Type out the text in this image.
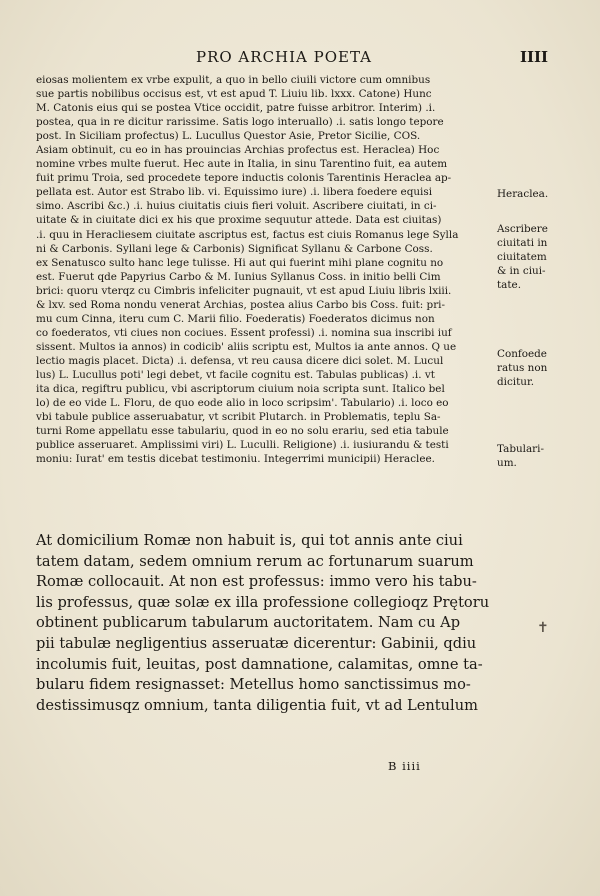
PRO ARCHIA POETA	IIII
eiosas molientem ex vrbe expulit, a quo in bello ciuili victore cum omnibus
sue partis nobilibus occisus est, vt est apud T. Liuiu lib. lxxx. Catone) Hunc
M. Catonis eius qui se postea Vtice occidit, patre fuisse arbitror. Interim) .i.
postea, qua in re dicitur rarissime. Satis logo interuallo) .i. satis longo tepore
post. In Siciliam profectus) L. Lucullus Questor Asie, Pretor Sicilie, COS.
Asiam obtinuit, cu eo in has prouincias Archias profectus est. Heraclea) Hoc
nomine vrbes multe fuerut. Hec aute in Italia, in sinu Tarentino fuit, ea autem
fuit primu Troia, sed procedete tepore inductis colonis Tarentinis Heraclea ap-
pellata est. Autor est Strabo lib. vi. Equissimo iure) .i. libera foedere equisi
simo. Ascribi &c.) .i. huius ciuitatis ciuis fieri voluit. Ascribere ciuitati, in ci-
uitate & in ciuitate dici ex his que proxime sequutur attede. Data est ciuitas)
.i. quu in Heracliesem ciuitate ascriptus est, factus est ciuis Romanus lege Sylla
ni & Carbonis. Syllani lege & Carbonis) Significat Syllanu & Carbone Coss.
ex Senatusco sulto hanc lege tulisse. Hi aut qui fuerint mihi plane cognitu no
est. Fuerut qde Papyrius Carbo & M. Iunius Syllanus Coss. in initio belli Cim
brici: quoru vterqz cu Cimbris infeliciter pugnauit, vt est apud Liuiu libris lxiii.
& lxv. sed Roma nondu venerat Archias, postea alius Carbo bis Coss. fuit: pri-
mu cum Cinna, iteru cum C. Marii filio. Foederatis) Foederatos dicimus non
co foederatos, vti ciues non cociues. Essent professi) .i. nomina sua inscribi iuf
sissent. Multos ia annos) in codicib' aliis scriptu est, Multos ia ante annos. Q ue
lectio magis placet. Dicta) .i. defensa, vt reu causa dicere dici solet. M. Lucul
lus) L. Lucullus poti' legi debet, vt facile cognitu est. Tabulas publicas) .i. vt
ita dica, regiftru publicu, vbi ascriptorum ciuium noia scripta sunt. Italico bel
lo) de eo vide L. Floru, de quo eode alio in loco scripsim'. Tabulario) .i. loco eo
vbi tabule publice asseruabatur, vt scribit Plutarch. in Problematis, teplu Sa-
turni Rome appellatu esse tabulariu, quod in eo no solu erariu, sed etia tabule
publice asseruaret. Amplissimi viri) L. Luculli. Religione) .i. iusiurandu & testi
moniu: Iurat' em testis dicebat testimoniu. Integerrimi municipii) Heraclee.
Heraclea.
Ascribere
ciuitati in
ciuitatem
& in ciui-
tate.
Confoede
ratus non
dicitur.
Tabulari-
um.
At domicilium Romæ non habuit is, qui tot annis ante ciui
tatem datam, sedem omnium rerum ac fortunarum suarum
Romæ collocauit. At non est professus: immo vero his tabu-
lis professus, quæ solæ ex illa professione collegioqz Prętoru
obtinent publicarum tabularum auctoritatem. Nam cu Ap
pii tabulæ negligentius asseruatæ dicerentur: Gabinii, qdiu
incolumis fuit, leuitas, post damnatione, calamitas, omne ta-
bularu fidem resignasset: Metellus homo sanctissimus mo-
destissimusqz omnium, tanta diligentia fuit, vt ad Lentulum
B iiii
✝
